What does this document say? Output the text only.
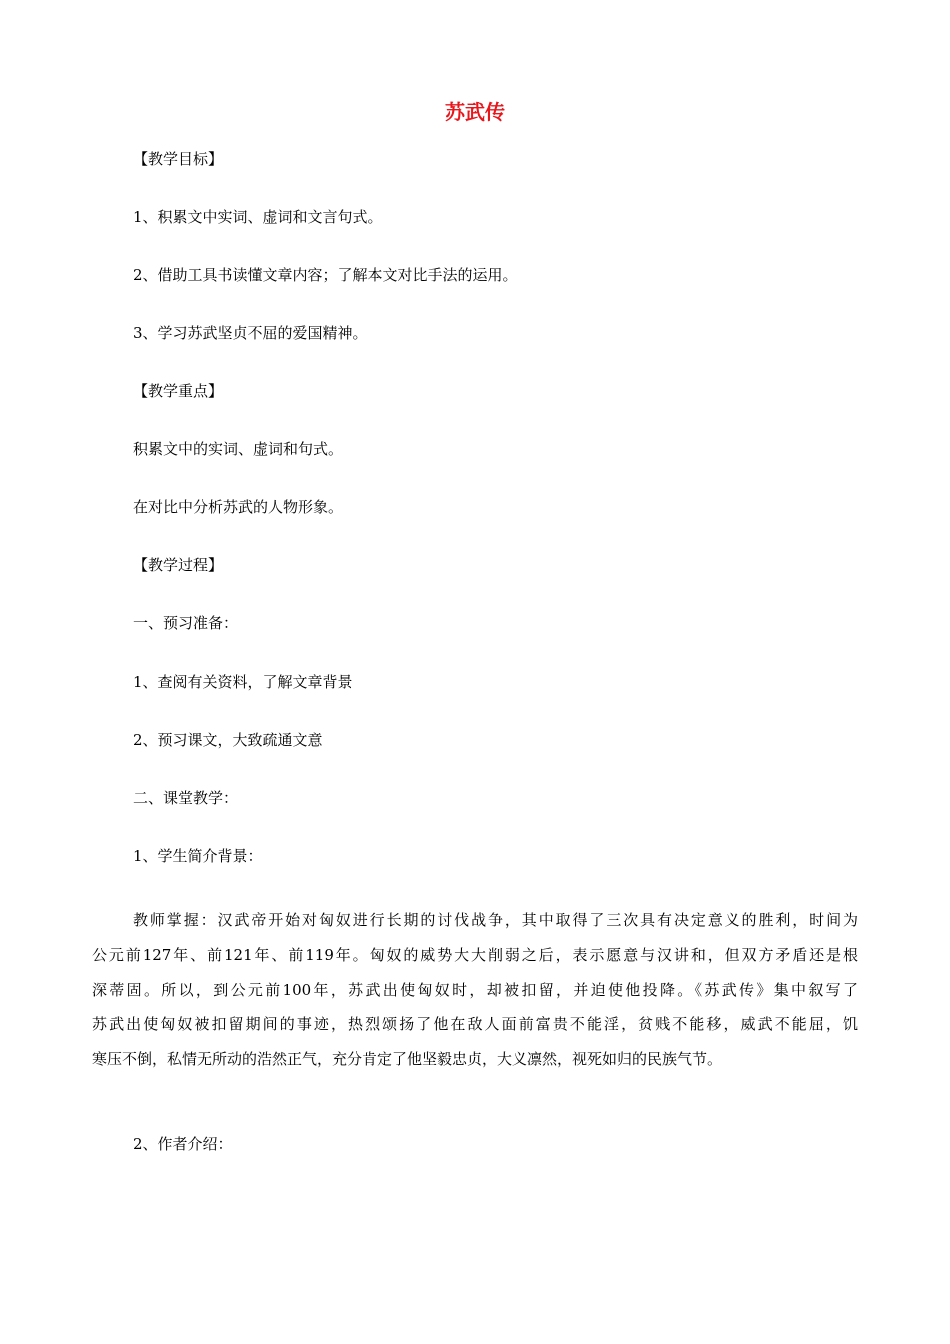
苏武传
【教学目标】
1、积累文中实词、虚词和文言句式。
2、借助工具书读懂文章内容；了解本文对比手法的运用。
3、学习苏武坚贞不屈的爱国精神。
【教学重点】
积累文中的实词、虚词和句式。
在对比中分析苏武的人物形象。
【教学过程】
一、预习准备：
1、查阅有关资料，了解文章背景
2、预习课文，大致疏通文意
二、课堂教学：
1、学生简介背景：
教师掌握：汉武帝开始对匈奴进行长期的讨伐战争，其中取得了三次具有决定意义的胜利，时间为
公元前127年、前121年、前119年。匈奴的威势大大削弱之后，表示愿意与汉讲和，但双方矛盾还是根
深蒂固。所以，到公元前100年，苏武出使匈奴时，却被扣留，并迫使他投降。《苏武传》集中叙写了
苏武出使匈奴被扣留期间的事迹，热烈颂扬了他在敌人面前富贵不能淫，贫贱不能移，威武不能屈，饥
寒压不倒，私情无所动的浩然正气，充分肯定了他坚毅忠贞，大义凛然，视死如归的民族气节。
2、作者介绍：
